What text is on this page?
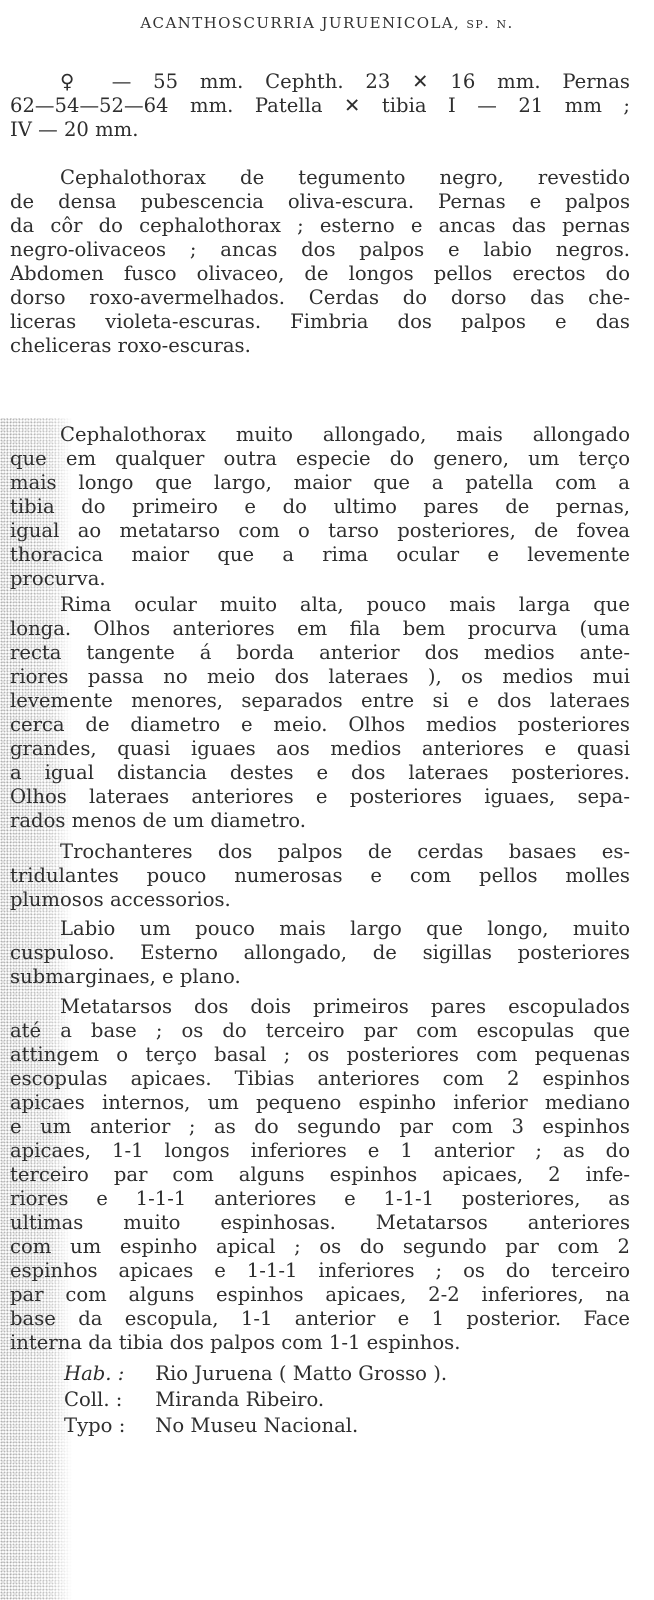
ACANTHOSCURRIA JURUENICOLA, sp. n.
♀ — 55 mm. Cephth. 23 ✕ 16 mm. Pernas
62—54—52—64 mm. Patella ✕ tibia I — 21 mm ;
IV — 20 mm.
Cephalothorax de tegumento negro, revestido
de densa pubescencia oliva-escura. Pernas e palpos
da côr do cephalothorax ; esterno e ancas das pernas
negro-olivaceos ; ancas dos palpos e labio negros.
Abdomen fusco olivaceo, de longos pellos erectos do
dorso roxo-avermelhados. Cerdas do dorso das che-
liceras violeta-escuras. Fimbria dos palpos e das
cheliceras roxo-escuras.
Cephalothorax muito allongado, mais allongado
que em qualquer outra especie do genero, um terço
mais longo que largo, maior que a patella com a
tibia do primeiro e do ultimo pares de pernas,
igual ao metatarso com o tarso posteriores, de fovea
thoracica maior que a rima ocular e levemente
procurva.
Rima ocular muito alta, pouco mais larga que
longa. Olhos anteriores em fila bem procurva (uma
recta tangente á borda anterior dos medios ante-
riores passa no meio dos lateraes ), os medios mui
levemente menores, separados entre si e dos lateraes
cerca de diametro e meio. Olhos medios posteriores
grandes, quasi iguaes aos medios anteriores e quasi
a igual distancia destes e dos lateraes posteriores.
Olhos lateraes anteriores e posteriores iguaes, sepa-
rados menos de um diametro.
Trochanteres dos palpos de cerdas basaes es-
tridulantes pouco numerosas e com pellos molles
plumosos accessorios.
Labio um pouco mais largo que longo, muito
cuspuloso. Esterno allongado, de sigillas posteriores
submarginaes, e plano.
Metatarsos dos dois primeiros pares escopulados
até a base ; os do terceiro par com escopulas que
attingem o terço basal ; os posteriores com pequenas
escopulas apicaes. Tibias anteriores com 2 espinhos
apicaes internos, um pequeno espinho inferior mediano
e um anterior ; as do segundo par com 3 espinhos
apicaes, 1-1 longos inferiores e 1 anterior ; as do
terceiro par com alguns espinhos apicaes, 2 infe-
riores e 1-1-1 anteriores e 1-1-1 posteriores, as
ultimas muito espinhosas. Metatarsos anteriores
com um espinho apical ; os do segundo par com 2
espinhos apicaes e 1-1-1 inferiores ; os do terceiro
par com alguns espinhos apicaes, 2-2 inferiores, na
base da escopula, 1-1 anterior e 1 posterior. Face
interna da tibia dos palpos com 1-1 espinhos.
Hab. : Rio Juruena ( Matto Grosso ).
Coll. : Miranda Ribeiro.
Typo : No Museu Nacional.
